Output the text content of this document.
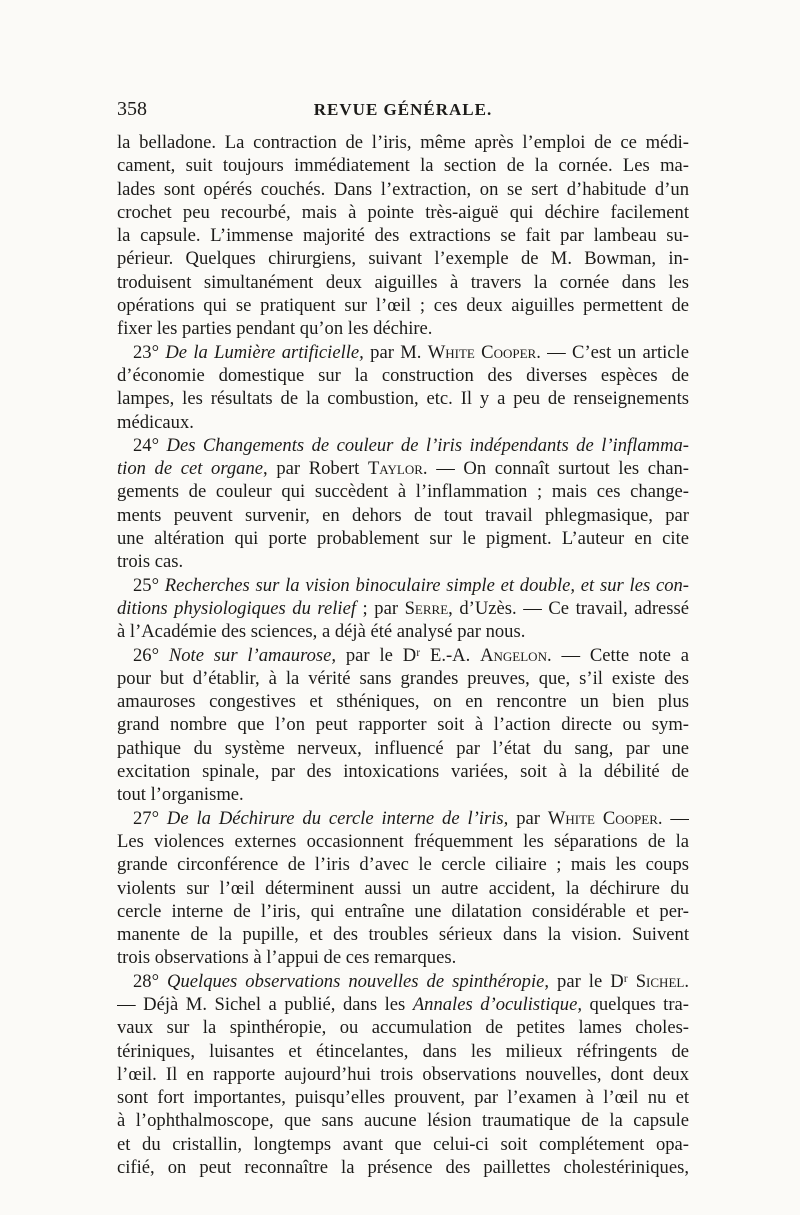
358	REVUE GÉNÉRALE.
la belladone. La contraction de l’iris, même après l’emploi de ce médi-
cament, suit toujours immédiatement la section de la cornée. Les ma-
lades sont opérés couchés. Dans l’extraction, on se sert d’habitude d’un
crochet peu recourbé, mais à pointe très-aiguë qui déchire facilement
la capsule. L’immense majorité des extractions se fait par lambeau su-
périeur. Quelques chirurgiens, suivant l’exemple de M. Bowman, in-
troduisent simultanément deux aiguilles à travers la cornée dans les
opérations qui se pratiquent sur l’œil ; ces deux aiguilles permettent de
fixer les parties pendant qu’on les déchire.
23° De la Lumière artificielle, par M. White Cooper. — C’est un article
d’économie domestique sur la construction des diverses espèces de
lampes, les résultats de la combustion, etc. Il y a peu de renseignements
médicaux.
24° Des Changements de couleur de l’iris indépendants de l’inflamma-
tion de cet organe, par Robert Taylor. — On connaît surtout les chan-
gements de couleur qui succèdent à l’inflammation ; mais ces change-
ments peuvent survenir, en dehors de tout travail phlegmasique, par
une altération qui porte probablement sur le pigment. L’auteur en cite
trois cas.
25° Recherches sur la vision binoculaire simple et double, et sur les con-
ditions physiologiques du relief ; par Serre, d’Uzès. — Ce travail, adressé
à l’Académie des sciences, a déjà été analysé par nous.
26° Note sur l’amaurose, par le Dʳ E.-A. Angelon. — Cette note a
pour but d’établir, à la vérité sans grandes preuves, que, s’il existe des
amauroses congestives et sthéniques, on en rencontre un bien plus
grand nombre que l’on peut rapporter soit à l’action directe ou sym-
pathique du système nerveux, influencé par l’état du sang, par une
excitation spinale, par des intoxications variées, soit à la débilité de
tout l’organisme.
27° De la Déchirure du cercle interne de l’iris, par White Cooper. —
Les violences externes occasionnent fréquemment les séparations de la
grande circonférence de l’iris d’avec le cercle ciliaire ; mais les coups
violents sur l’œil déterminent aussi un autre accident, la déchirure du
cercle interne de l’iris, qui entraîne une dilatation considérable et per-
manente de la pupille, et des troubles sérieux dans la vision. Suivent
trois observations à l’appui de ces remarques.
28° Quelques observations nouvelles de spinthéropie, par le Dʳ Sichel.
— Déjà M. Sichel a publié, dans les Annales d’oculistique, quelques tra-
vaux sur la spinthéropie, ou accumulation de petites lames choles-
tériniques, luisantes et étincelantes, dans les milieux réfringents de
l’œil. Il en rapporte aujourd’hui trois observations nouvelles, dont deux
sont fort importantes, puisqu’elles prouvent, par l’examen à l’œil nu et
à l’ophthalmoscope, que sans aucune lésion traumatique de la capsule
et du cristallin, longtemps avant que celui-ci soit complétement opa-
cifié, on peut reconnaître la présence des paillettes cholestériniques,
